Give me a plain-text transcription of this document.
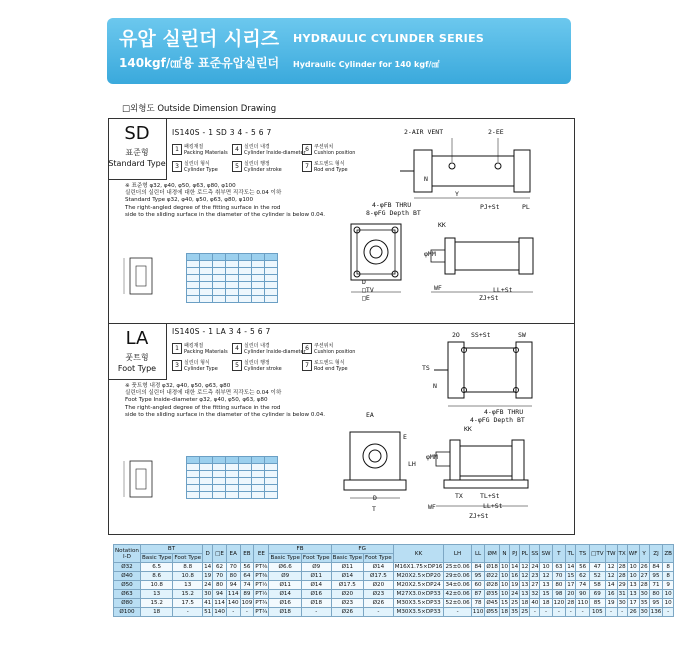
유압 실린더 시리즈 HYDRAULIC CYLINDER SERIES
140kgf/㎠용 표준유압실린더 Hydraulic Cylinder for 140 kgf/㎠
□외형도 Outside Dimension Drawing
SD
표준형
Standard Type
IS140S - 1 SD 3 4 - 5 6 7
1	패킹재질
Packing Materials	4	실린더 내경
Cylinder Inside-diameter 6	쿠션위치
Cushion position
3	실린더 형식
Cylinder Type	5	실린더 행정
Cylinder stroke	7	로드엔드 형식
Rod end Type
※ 표준형 φ32, φ40, φ50, φ63, φ80, φ100
실린더의 실린더 내경에 대한 로드측 취부면 직각도는 0.04 이하
Standard Type φ32, φ40, φ50, φ63, φ80, φ100
The right-angled degree of the fitting surface in the rod
side to the sliding surface in the diameter of the cylinder is below 0.04.

2-AIR VENT	2-EE
Y
PJ+St	PL
N
4-φFB THRU
8-φFG Depth BT
KK
D
□TV
□E
φMM
WF	LL+St
ZJ+St
LA
풋트형
Foot Type
IS140S - 1 LA 3 4 - 5 6 7
1	패킹재질
Packing Materials	4	실린더 내경
Cylinder Inside-diameter 6	쿠션위치
Cushion position
3	실린더 형식
Cylinder Type	5	실린더 행정
Cylinder stroke	7	로드엔드 형식
Rod end Type
※ 풋트형 내경 φ32, φ40, φ50, φ63, φ80
실린더의 실린더 내경에 대한 로드측 취부면 직각도는 0.04 이하
Foot Type Inside-diameter φ32, φ40, φ50, φ63, φ80
The right-angled degree of the fitting surface in the rod
side to the sliding surface in the diameter of the cylinder is below 0.04.

2O SS+St	SW
TS
N
4-φFB THRU
4-φFG Depth BT
EA
KK
LH
E
D
T
φMM
TX	TL+St
WF	LL+St
ZJ+St
Notation
I-D	BT		D	□E	EA	EB	EE	FB		FG		KK	LH	LL	ØM	N	PJ	PL	SS	SW	T	TL	TS	□TV	TW	TX	WF	Y	ZJ	ZB
	Basic Type	Foot Type						Basic Type	Foot Type	Basic Type	Foot Type																			
Ø32	6.5	8.8	14	62	70	56	PT⅜	Ø6.6	Ø9	Ø11	Ø14	M16X1.75×DP16	25±0.06	84	Ø18	10	14	12	24	10	63	14	56	47	12	28	10	26	84	8
Ø40	8.6	10.8	19	70	80	64	PT⅜	Ø9	Ø11	Ø14	Ø17.5	M20X2.5×DP20	29±0.06	95	Ø22	10	16	12	23	12	70	15	62	52	12	28	10	27	95	8
Ø50	10.8	13	24	80	94	74	PT½	Ø11	Ø14	Ø17.5	Ø20	M20X2.5×DP24	34±0.06	60	Ø28	10	19	13	27	13	80	17	74	58	14	29	13	28	71	9
Ø63	13	15.2	30	94	114	89	PT½	Ø14	Ø16	Ø20	Ø23	M27X3.0×DP33	42±0.06	87	Ø35	10	24	13	32	15	98	20	90	69	16	31	13	30	80	10
Ø80	15.2	17.5	41	114	140	109	PT¾	Ø16	Ø18	Ø23	Ø26	M30X3.5×DP33	52±0.06	78	Ø45	15	25	18	40	18	120	28	110	85	19	30	17	35	95	10
Ø100	18	-	51	140	-	-	PT¾	Ø18	-	Ø26	-	M30X3.5×DP33	-	110	Ø55	18	35	25	-	-	-	-	-	105	-	-	26	30	136	-
